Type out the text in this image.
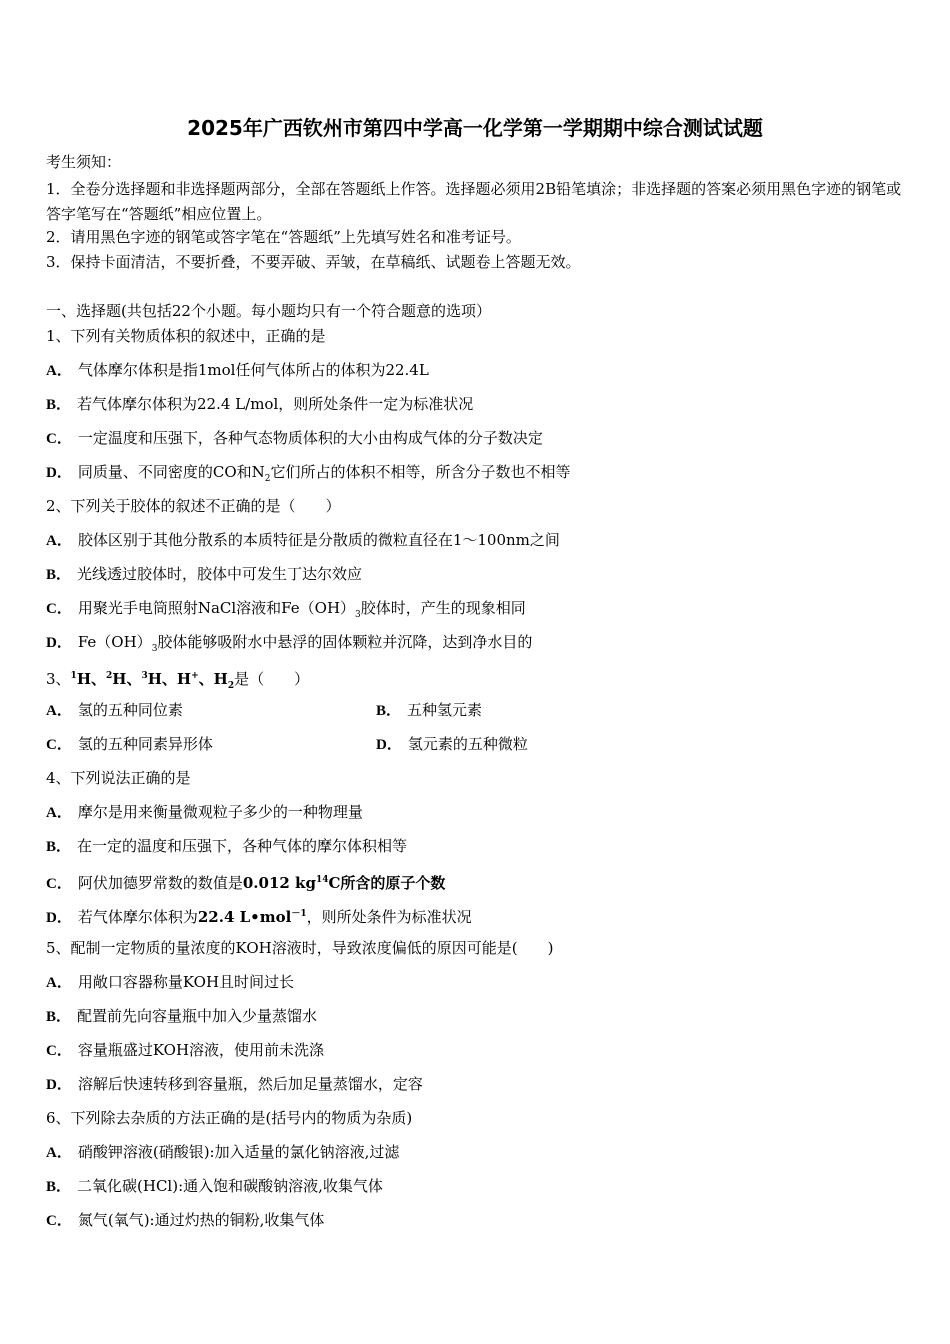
2025年广西钦州市第四中学高一化学第一学期期中综合测试试题
考生须知：
1．全卷分选择题和非选择题两部分，全部在答题纸上作答。选择题必须用2B铅笔填涂；非选择题的答案必须用黑色字迹的钢笔或答字笔写在“答题纸”相应位置上。
2．请用黑色字迹的钢笔或答字笔在“答题纸”上先填写姓名和准考证号。
3．保持卡面清洁，不要折叠，不要弄破、弄皱，在草稿纸、试题卷上答题无效。
一、选择题(共包括22个小题。每小题均只有一个符合题意的选项）
1、下列有关物质体积的叙述中，正确的是
A． 气体摩尔体积是指1mol任何气体所占的体积为22.4L
B． 若气体摩尔体积为22.4 L/mol，则所处条件一定为标准状况
C． 一定温度和压强下，各种气态物质体积的大小由构成气体的分子数决定
D． 同质量、不同密度的CO和$N_2$它们所占的体积不相等，所含分子数也不相等
2、下列关于胶体的叙述不正确的是（　　）
A． 胶体区别于其他分散系的本质特征是分散质的微粒直径在1～100nm之间
B． 光线透过胶体时，胶体中可发生丁达尔效应
C． 用聚光手电筒照射NaCl溶液和$Fe(OH)_3$胶体时，产生的现象相同
D． $Fe(OH)_3$胶体能够吸附水中悬浮的固体颗粒并沉降，达到净水目的
3、$^1$H、$^2$H、$^3$H、H+、$H_2$是（　　）
A． 氢的五种同位素	B． 五种氢元素
C． 氢的五种同素异形体	D． 氢元素的五种微粒
4、下列说法正确的是
A． 摩尔是用来衡量微观粒子多少的一种物理量
B． 在一定的温度和压强下，各种气体的摩尔体积相等
C． 阿伏加德罗常数的数值是0.012 $kg^{14}C$所含的原子个数
D． 若气体摩尔体积为22.4 L•mol$^{-1}$，则所处条件为标准状况
5、配制一定物质的量浓度的KOH溶液时，导致浓度偏低的原因可能是(　　)
A． 用敞口容器称量KOH且时间过长
B． 配置前先向容量瓶中加入少量蒸馏水
C． 容量瓶盛过KOH溶液，使用前未洗涤
D． 溶解后快速转移到容量瓶，然后加足量蒸馏水，定容
6、下列除去杂质的方法正确的是(括号内的物质为杂质)
A． 硝酸钾溶液(硝酸银):加入适量的氯化钠溶液,过滤
B． 二氧化碳(HCl):通入饱和碳酸钠溶液,收集气体
C． 氮气(氧气):通过灼热的铜粉,收集气体
